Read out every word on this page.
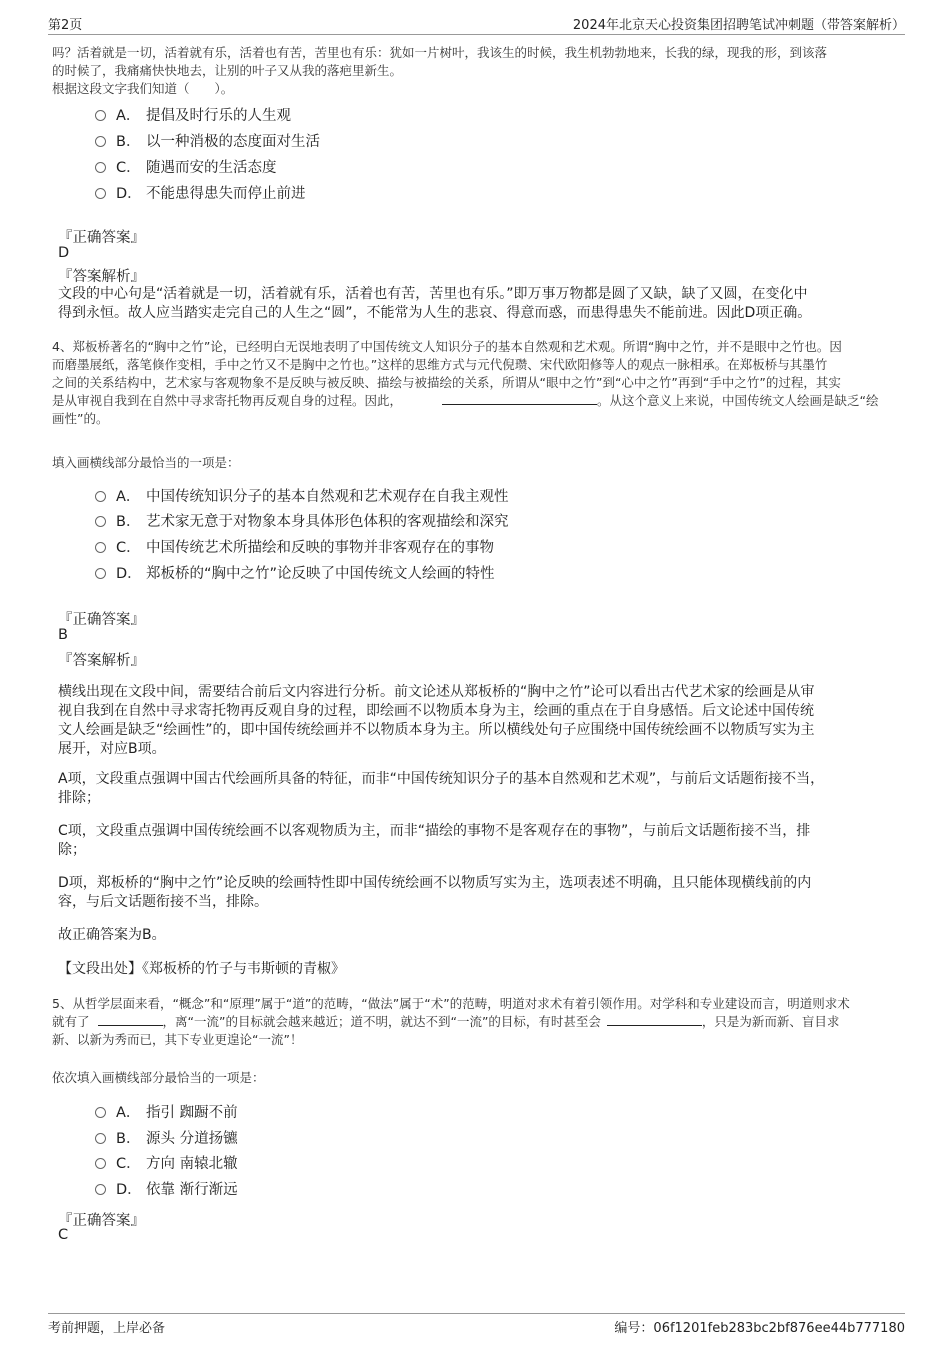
第2页	2024年北京天心投资集团招聘笔试冲刺题（带答案解析）
吗？活着就是一切，活着就有乐，活着也有苦，苦里也有乐：犹如一片树叶，我该生的时候，我生机勃勃地来，长我的绿，现我的形，到该落
的时候了，我痛痛快快地去，让别的叶子又从我的落疤里新生。
根据这段文字我们知道（　　）。
A． 提倡及时行乐的人生观
B． 以一种消极的态度面对生活
C． 随遇而安的生活态度
D． 不能患得患失而停止前进
『正确答案』
D
『答案解析』
文段的中心句是“活着就是一切，活着就有乐，活着也有苦，苦里也有乐。”即万事万物都是圆了又缺，缺了又圆，在变化中
得到永恒。故人应当踏实走完自己的人生之“圆”，不能常为人生的悲哀、得意而惑，而患得患失不能前进。因此D项正确。
4、郑板桥著名的“胸中之竹”论，已经明白无误地表明了中国传统文人知识分子的基本自然观和艺术观。所谓“胸中之竹，并不是眼中之竹也。因
而磨墨展纸，落笔倏作变相，手中之竹又不是胸中之竹也。”这样的思维方式与元代倪瓒、宋代欧阳修等人的观点一脉相承。在郑板桥与其墨竹
之间的关系结构中，艺术家与客观物象不是反映与被反映、描绘与被描绘的关系，所谓从“眼中之竹”到“心中之竹”再到“手中之竹”的过程，其实
是从审视自我到在自然中寻求寄托物再反观自身的过程。因此，	。从这个意义上来说，中国传统文人绘画是缺乏“绘
画性”的。
填入画横线部分最恰当的一项是：
A． 中国传统知识分子的基本自然观和艺术观存在自我主观性
B． 艺术家无意于对物象本身具体形色体积的客观描绘和深究
C． 中国传统艺术所描绘和反映的事物并非客观存在的事物
D． 郑板桥的“胸中之竹”论反映了中国传统文人绘画的特性
『正确答案』
B
『答案解析』
横线出现在文段中间，需要结合前后文内容进行分析。前文论述从郑板桥的“胸中之竹”论可以看出古代艺术家的绘画是从审
视自我到在自然中寻求寄托物再反观自身的过程，即绘画不以物质本身为主，绘画的重点在于自身感悟。后文论述中国传统
文人绘画是缺乏“绘画性”的，即中国传统绘画并不以物质本身为主。所以横线处句子应围绕中国传统绘画不以物质写实为主
展开，对应B项。
A项，文段重点强调中国古代绘画所具备的特征，而非“中国传统知识分子的基本自然观和艺术观”，与前后文话题衔接不当，
排除；
C项，文段重点强调中国传统绘画不以客观物质为主，而非“描绘的事物不是客观存在的事物”，与前后文话题衔接不当，排
除；
D项，郑板桥的“胸中之竹”论反映的绘画特性即中国传统绘画不以物质写实为主，选项表述不明确，且只能体现横线前的内
容，与后文话题衔接不当，排除。
故正确答案为B。
【文段出处】《郑板桥的竹子与韦斯顿的青椒》
5、从哲学层面来看，“概念”和“原理”属于“道”的范畴，“做法”属于“术”的范畴，明道对求术有着引领作用。对学科和专业建设而言，明道则求术
就有了	，离“一流”的目标就会越来越近；道不明，就达不到“一流”的目标，有时甚至会	，只是为新而新、盲目求
新、以新为秀而已，其下专业更遑论“一流”！
依次填入画横线部分最恰当的一项是：
A． 指引 踟蹰不前
B． 源头 分道扬镳
C． 方向 南辕北辙
D． 依靠 渐行渐远
『正确答案』
C
考前押题，上岸必备	编号：06f1201feb283bc2bf876ee44b777180
